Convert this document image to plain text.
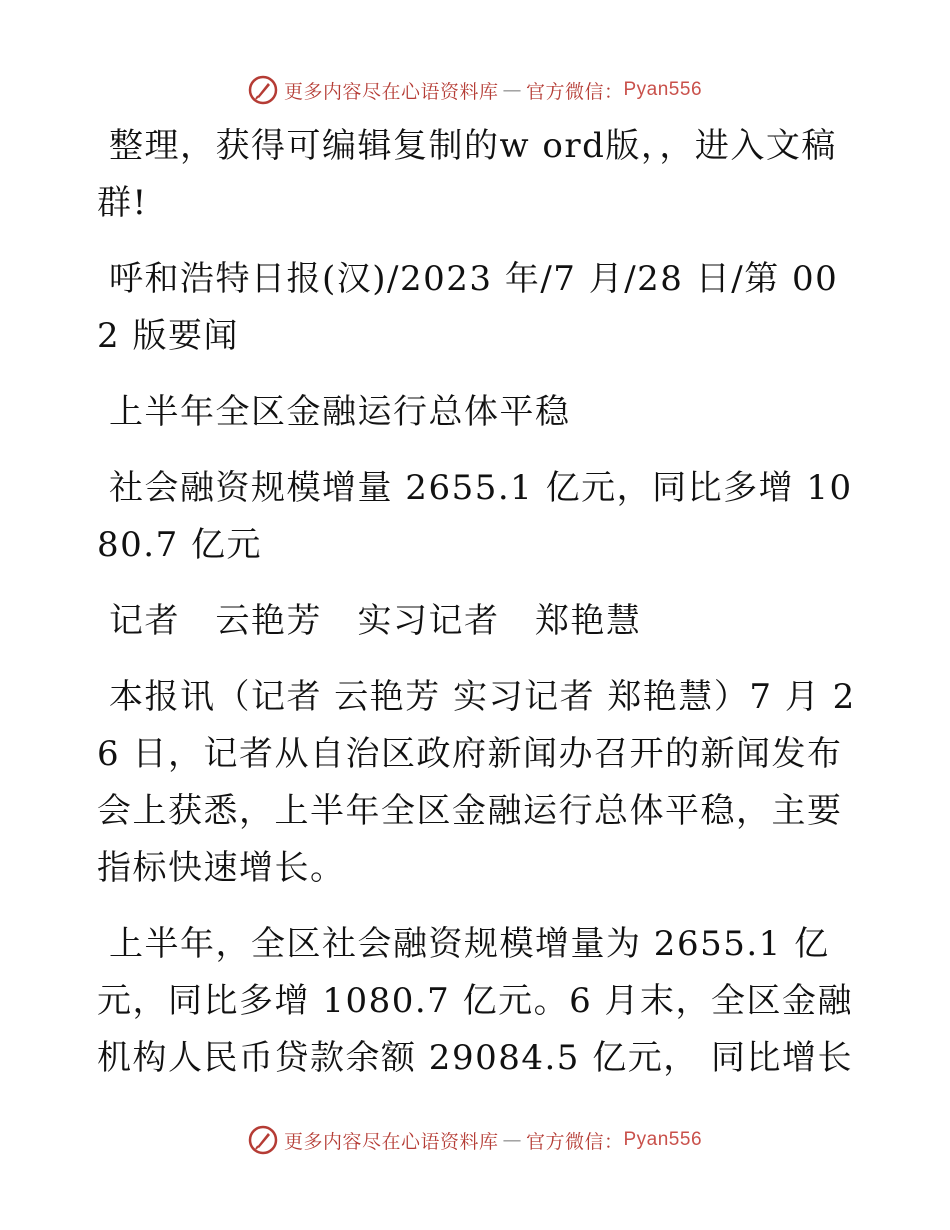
更多内容尽在心语资料库 — 官方微信： Pyan556

整理，获得可编辑复制的w ord版，，进入文稿群!

呼和浩特日报(汉)/2023 年/7 月/28 日/第 002 版要闻

上半年全区金融运行总体平稳

社会融资规模增量 2655.1 亿元，同比多增 1080.7 亿元

记者　云艳芳　实习记者　郑艳慧

本报讯（记者 云艳芳 实习记者 郑艳慧）7 月 26 日，记者从自治区政府新闻办召开的新闻发布会上获悉，上半年全区金融运行总体平稳，主要指标快速增长。

上半年，全区社会融资规模增量为 2655.1 亿元，同比多增 1080.7 亿元。6 月末，全区金融机构人民币贷款余额 29084.5 亿元， 同比增长

更多内容尽在心语资料库 — 官方微信： Pyan556
